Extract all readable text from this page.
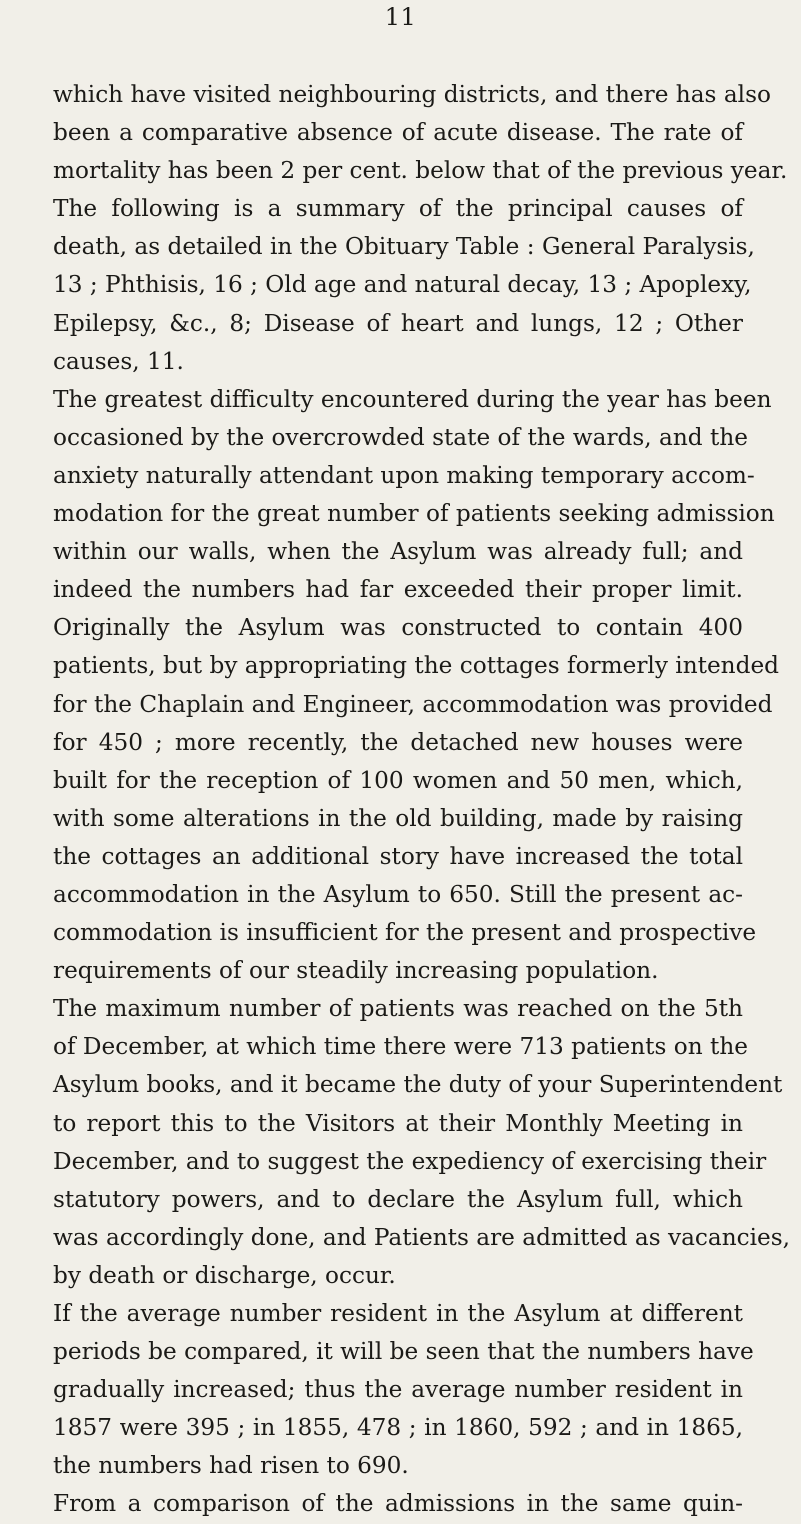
11
which have visited neighbouring districts, and there has also
been a comparative absence of acute disease. The rate of
mortality has been 2 per cent. below that of the previous year.
The following is a summary of the principal causes of
death, as detailed in the Obituary Table : General Paralysis,
13 ; Phthisis, 16 ; Old age and natural decay, 13 ; Apoplexy,
Epilepsy, &c., 8; Disease of heart and lungs, 12 ; Other
causes, 11.
The greatest difficulty encountered during the year has been
occasioned by the overcrowded state of the wards, and the
anxiety naturally attendant upon making temporary accom-
modation for the great number of patients seeking admission
within our walls, when the Asylum was already full; and
indeed the numbers had far exceeded their proper limit.
Originally the Asylum was constructed to contain 400
patients, but by appropriating the cottages formerly intended
for the Chaplain and Engineer, accommodation was provided
for 450 ; more recently, the detached new houses were
built for the reception of 100 women and 50 men, which,
with some alterations in the old building, made by raising
the cottages an additional story have increased the total
accommodation in the Asylum to 650. Still the present ac-
commodation is insufficient for the present and prospective
requirements of our steadily increasing population.
The maximum number of patients was reached on the 5th
of December, at which time there were 713 patients on the
Asylum books, and it became the duty of your Superintendent
to report this to the Visitors at their Monthly Meeting in
December, and to suggest the expediency of exercising their
statutory powers, and to declare the Asylum full, which
was accordingly done, and Patients are admitted as vacancies,
by death or discharge, occur.
If the average number resident in the Asylum at different
periods be compared, it will be seen that the numbers have
gradually increased; thus the average number resident in
1857 were 395 ; in 1855, 478 ; in 1860, 592 ; and in 1865,
the numbers had risen to 690.
From a comparison of the admissions in the same quin-
